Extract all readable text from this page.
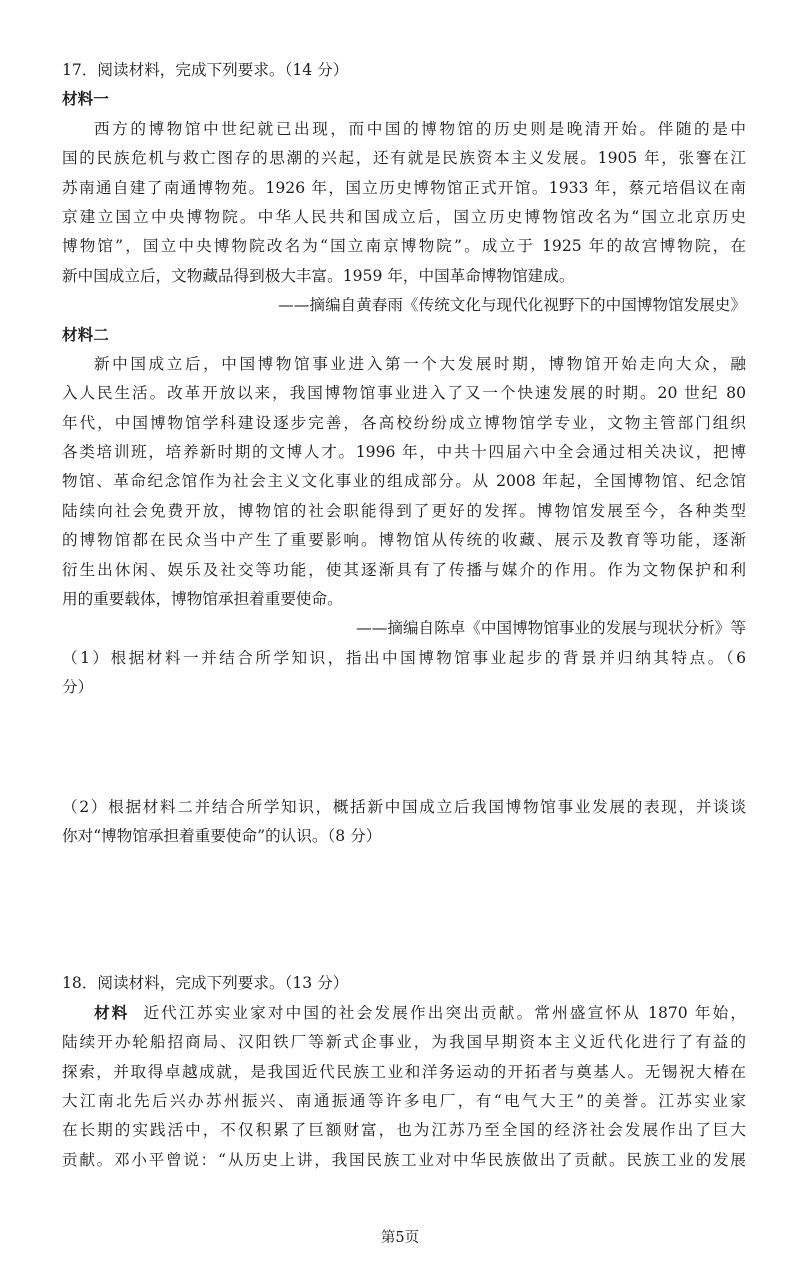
17．阅读材料，完成下列要求。（14 分）
材料一
西方的博物馆中世纪就已出现，而中国的博物馆的历史则是晚清开始。伴随的是中
国的民族危机与救亡图存的思潮的兴起，还有就是民族资本主义发展。1905 年，张謇在江
苏南通自建了南通博物苑。1926 年，国立历史博物馆正式开馆。1933 年，蔡元培倡议在南
京建立国立中央博物院。中华人民共和国成立后，国立历史博物馆改名为“国立北京历史
博物馆”，国立中央博物院改名为“国立南京博物院”。成立于 1925 年的故宫博物院，在
新中国成立后，文物藏品得到极大丰富。1959 年，中国革命博物馆建成。
——摘编自黄春雨《传统文化与现代化视野下的中国博物馆发展史》
材料二
新中国成立后，中国博物馆事业进入第一个大发展时期，博物馆开始走向大众，融
入人民生活。改革开放以来，我国博物馆事业进入了又一个快速发展的时期。20 世纪 80
年代，中国博物馆学科建设逐步完善，各高校纷纷成立博物馆学专业，文物主管部门组织
各类培训班，培养新时期的文博人才。1996 年，中共十四届六中全会通过相关决议，把博
物馆、革命纪念馆作为社会主义文化事业的组成部分。从 2008 年起，全国博物馆、纪念馆
陆续向社会免费开放，博物馆的社会职能得到了更好的发挥。博物馆发展至今，各种类型
的博物馆都在民众当中产生了重要影响。博物馆从传统的收藏、展示及教育等功能，逐渐
衍生出休闲、娱乐及社交等功能，使其逐渐具有了传播与媒介的作用。作为文物保护和利
用的重要载体，博物馆承担着重要使命。
——摘编自陈卓《中国博物馆事业的发展与现状分析》等
（1）根据材料一并结合所学知识，指出中国博物馆事业起步的背景并归纳其特点。（6
分）
（2）根据材料二并结合所学知识，概括新中国成立后我国博物馆事业发展的表现，并谈谈
你对“博物馆承担着重要使命”的认识。（8 分）
18．阅读材料，完成下列要求。（13 分）
材料 近代江苏实业家对中国的社会发展作出突出贡献。常州盛宣怀从 1870 年始，
陆续开办轮船招商局、汉阳铁厂等新式企事业，为我国早期资本主义近代化进行了有益的
探索，并取得卓越成就，是我国近代民族工业和洋务运动的开拓者与奠基人。无锡祝大椿在
大江南北先后兴办苏州振兴、南通振通等许多电厂，有“电气大王”的美誉。江苏实业家
在长期的实践活中，不仅积累了巨额财富，也为江苏乃至全国的经济社会发展作出了巨大
贡献。邓小平曾说：“从历史上讲，我国民族工业对中华民族做出了贡献。民族工业的发展
第5页
